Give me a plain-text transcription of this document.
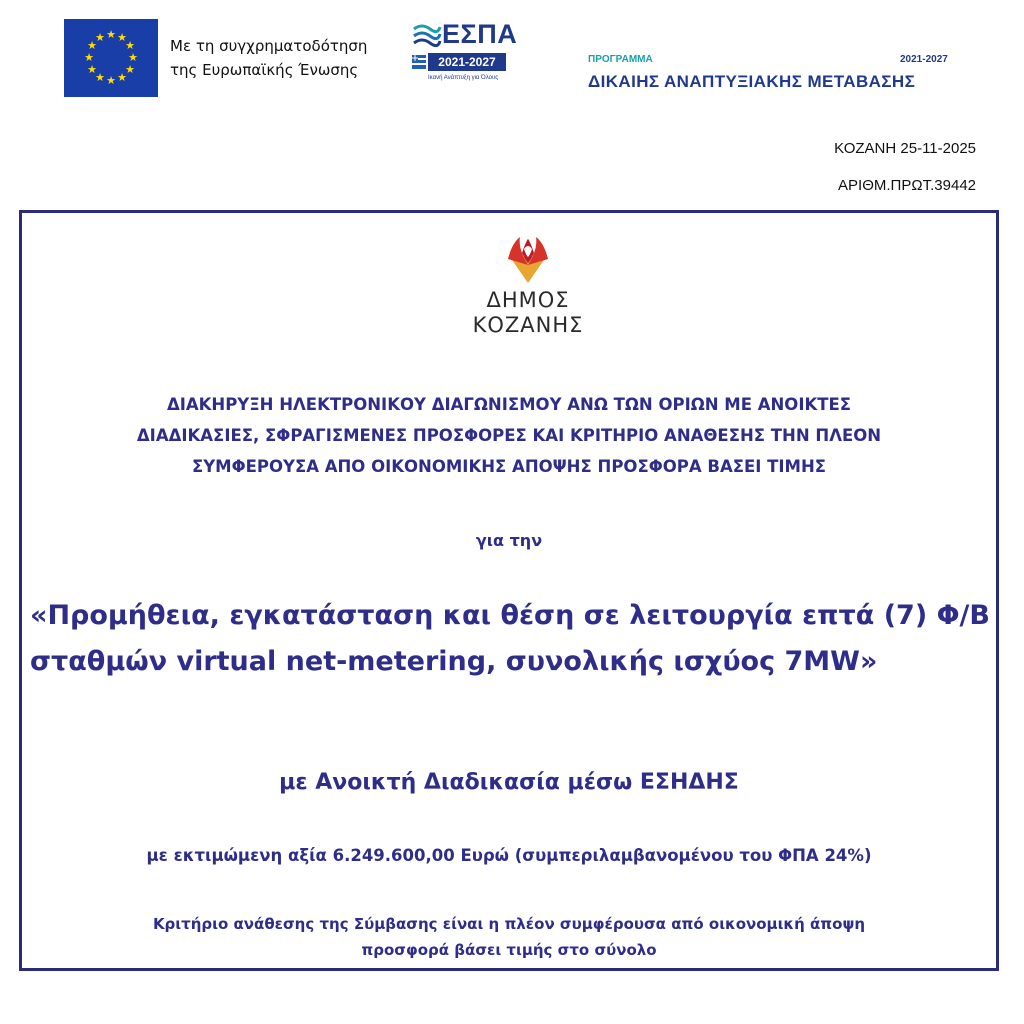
★ ★
★
★
★
★
★
★
★
★
★
★	Με τη συγχρηματοδότηση
της Ευρωπαϊκής Ένωσης
ΕΣΠΑ
2021-2027
Ικανή Ανάπτυξη για Όλους
ΠΡΟΓΡΑΜΜΑ	2021-2027
ΔΙΚΑΙΗΣ ΑΝΑΠΤΥΞΙΑΚΗΣ ΜΕΤΑΒΑΣΗΣ
ΚΟΖΑΝΗ 25-11-2025
ΑΡΙΘΜ.ΠΡΩΤ.39442
ΔΗΜΟΣ
ΚΟΖΑΝΗΣ
ΔΙΑΚΗΡΥΞΗ ΗΛΕΚΤΡΟΝΙΚΟΥ ΔΙΑΓΩΝΙΣΜΟΥ ΑΝΩ ΤΩΝ ΟΡΙΩΝ ΜΕ ΑΝΟΙΚΤΕΣ
ΔΙΑΔΙΚΑΣΙΕΣ, ΣΦΡΑΓΙΣΜΕΝΕΣ ΠΡΟΣΦΟΡΕΣ ΚΑΙ ΚΡΙΤΗΡΙΟ ΑΝΑΘΕΣΗΣ ΤΗΝ ΠΛΕΟΝ
ΣΥΜΦΕΡΟΥΣΑ ΑΠΟ ΟΙΚΟΝΟΜΙΚΗΣ ΑΠΟΨΗΣ ΠΡΟΣΦΟΡΑ ΒΑΣΕΙ ΤΙΜΗΣ
για την
«Προμήθεια, εγκατάσταση και θέση σε λειτουργία επτά (7) Φ/Β σταθμών virtual net-metering, συνολικής ισχύος 7MW»
με Ανοικτή Διαδικασία μέσω ΕΣΗΔΗΣ
με εκτιμώμενη αξία 6.249.600,00 Ευρώ (συμπεριλαμβανομένου του ΦΠΑ 24%)
Κριτήριο ανάθεσης της Σύμβασης είναι η πλέον συμφέρουσα από οικονομική άποψη
προσφορά βάσει τιμής στο σύνολο
